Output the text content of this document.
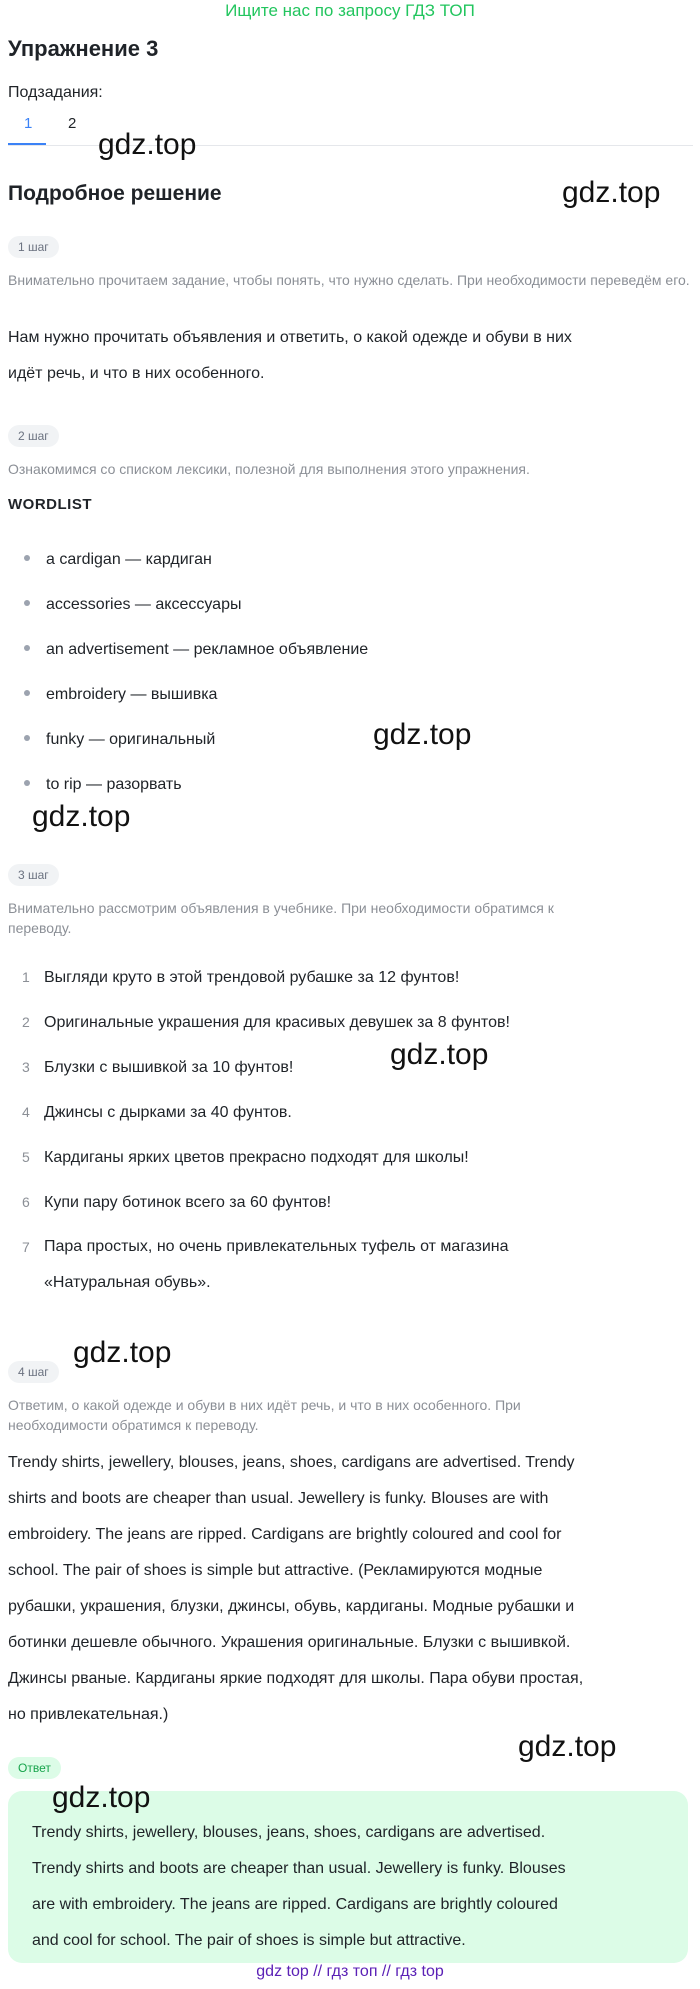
Ищите нас по запросу ГДЗ ТОП
Упражнение 3
Подзадания:
1 2
gdz.top
Подробное решение	gdz.top
1 шаг
Внимательно прочитаем задание, чтобы понять, что нужно сделать. При необходимости переведём его.
Нам нужно прочитать объявления и ответить, о какой одежде и обуви в них
идёт речь, и что в них особенного.
2 шаг
Ознакомимся со списком лексики, полезной для выполнения этого упражнения.
WORDLIST
a cardigan — кардиган
accessories — аксессуары
an advertisement — рекламное объявление
embroidery — вышивка
funky — оригинальный	gdz.top
to rip — разорвать
gdz.top
3 шаг
Внимательно рассмотрим объявления в учебнике. При необходимости обратимся к
переводу.
1 Выгляди круто в этой трендовой рубашке за 12 фунтов!
2 Оригинальные украшения для красивых девушек за 8 фунтов!
3 Блузки с вышивкой за 10 фунтов!	gdz.top
4 Джинсы с дырками за 40 фунтов.
5 Кардиганы ярких цветов прекрасно подходят для школы!
6 Купи пару ботинок всего за 60 фунтов!
7 Пара простых, но очень привлекательных туфель от магазина
«Натуральная обувь».
gdz.top
4 шаг
Ответим, о какой одежде и обуви в них идёт речь, и что в них особенного. При
необходимости обратимся к переводу.
Trendy shirts, jewellery, blouses, jeans, shoes, cardigans are advertised. Trendy
shirts and boots are cheaper than usual. Jewellery is funky. Blouses are with
embroidery. The jeans are ripped. Cardigans are brightly coloured and cool for
school. The pair of shoes is simple but attractive. (Рекламируются модные
рубашки, украшения, блузки, джинсы, обувь, кардиганы. Модные рубашки и
ботинки дешевле обычного. Украшения оригинальные. Блузки с вышивкой.
Джинсы рваные. Кардиганы яркие подходят для школы. Пара обуви простая,
но привлекательная.)
gdz.top
Ответ
gdz.top
Trendy shirts, jewellery, blouses, jeans, shoes, cardigans are advertised.
Trendy shirts and boots are cheaper than usual. Jewellery is funky. Blouses
are with embroidery. The jeans are ripped. Cardigans are brightly coloured
and cool for school. The pair of shoes is simple but attractive.
gdz top // гдз топ // гдз top
